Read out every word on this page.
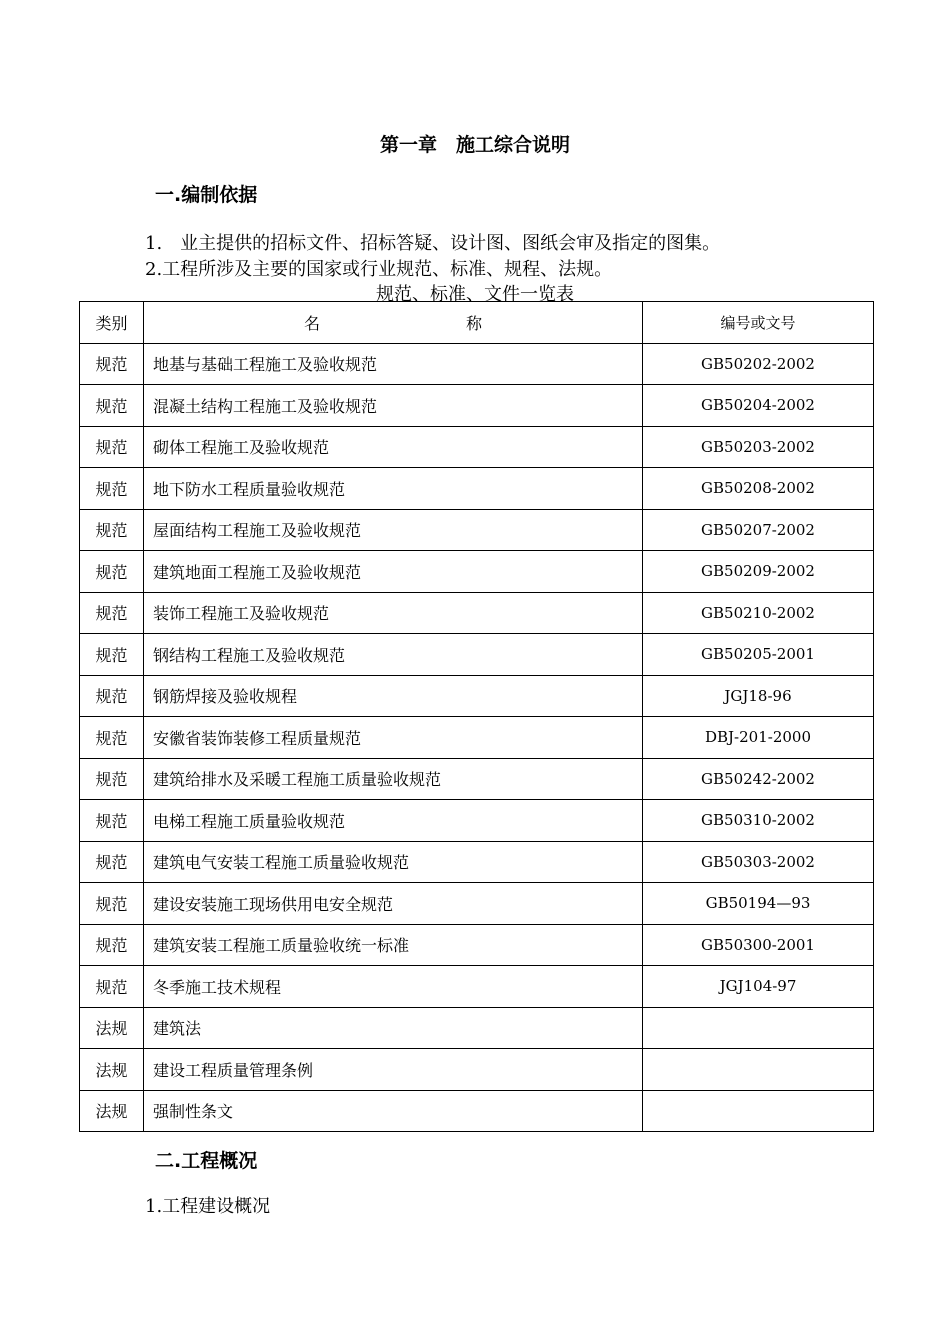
第一章　施工综合说明
一.编制依据
1.　业主提供的招标文件、招标答疑、设计图、图纸会审及指定的图集。
2.工程所涉及主要的国家或行业规范、标准、规程、法规。
规范、标准、文件一览表
类别	名 称	编号或文号
规范	地基与基础工程施工及验收规范	GB50202-2002
规范	混凝土结构工程施工及验收规范	GB50204-2002
规范	砌体工程施工及验收规范	GB50203-2002
规范	地下防水工程质量验收规范	GB50208-2002
规范	屋面结构工程施工及验收规范	GB50207-2002
规范	建筑地面工程施工及验收规范	GB50209-2002
规范	装饰工程施工及验收规范	GB50210-2002
规范	钢结构工程施工及验收规范	GB50205-2001
规范	钢筋焊接及验收规程	JGJ18-96
规范	安徽省装饰装修工程质量规范	DBJ-201-2000
规范	建筑给排水及采暖工程施工质量验收规范	GB50242-2002
规范	电梯工程施工质量验收规范	GB50310-2002
规范	建筑电气安装工程施工质量验收规范	GB50303-2002
规范	建设安装施工现场供用电安全规范	GB50194—93
规范	建筑安装工程施工质量验收统一标准	GB50300-2001
规范	冬季施工技术规程	JGJ104-97
法规	建筑法	
法规	建设工程质量管理条例	
法规	强制性条文	
二.工程概况
1.工程建设概况
